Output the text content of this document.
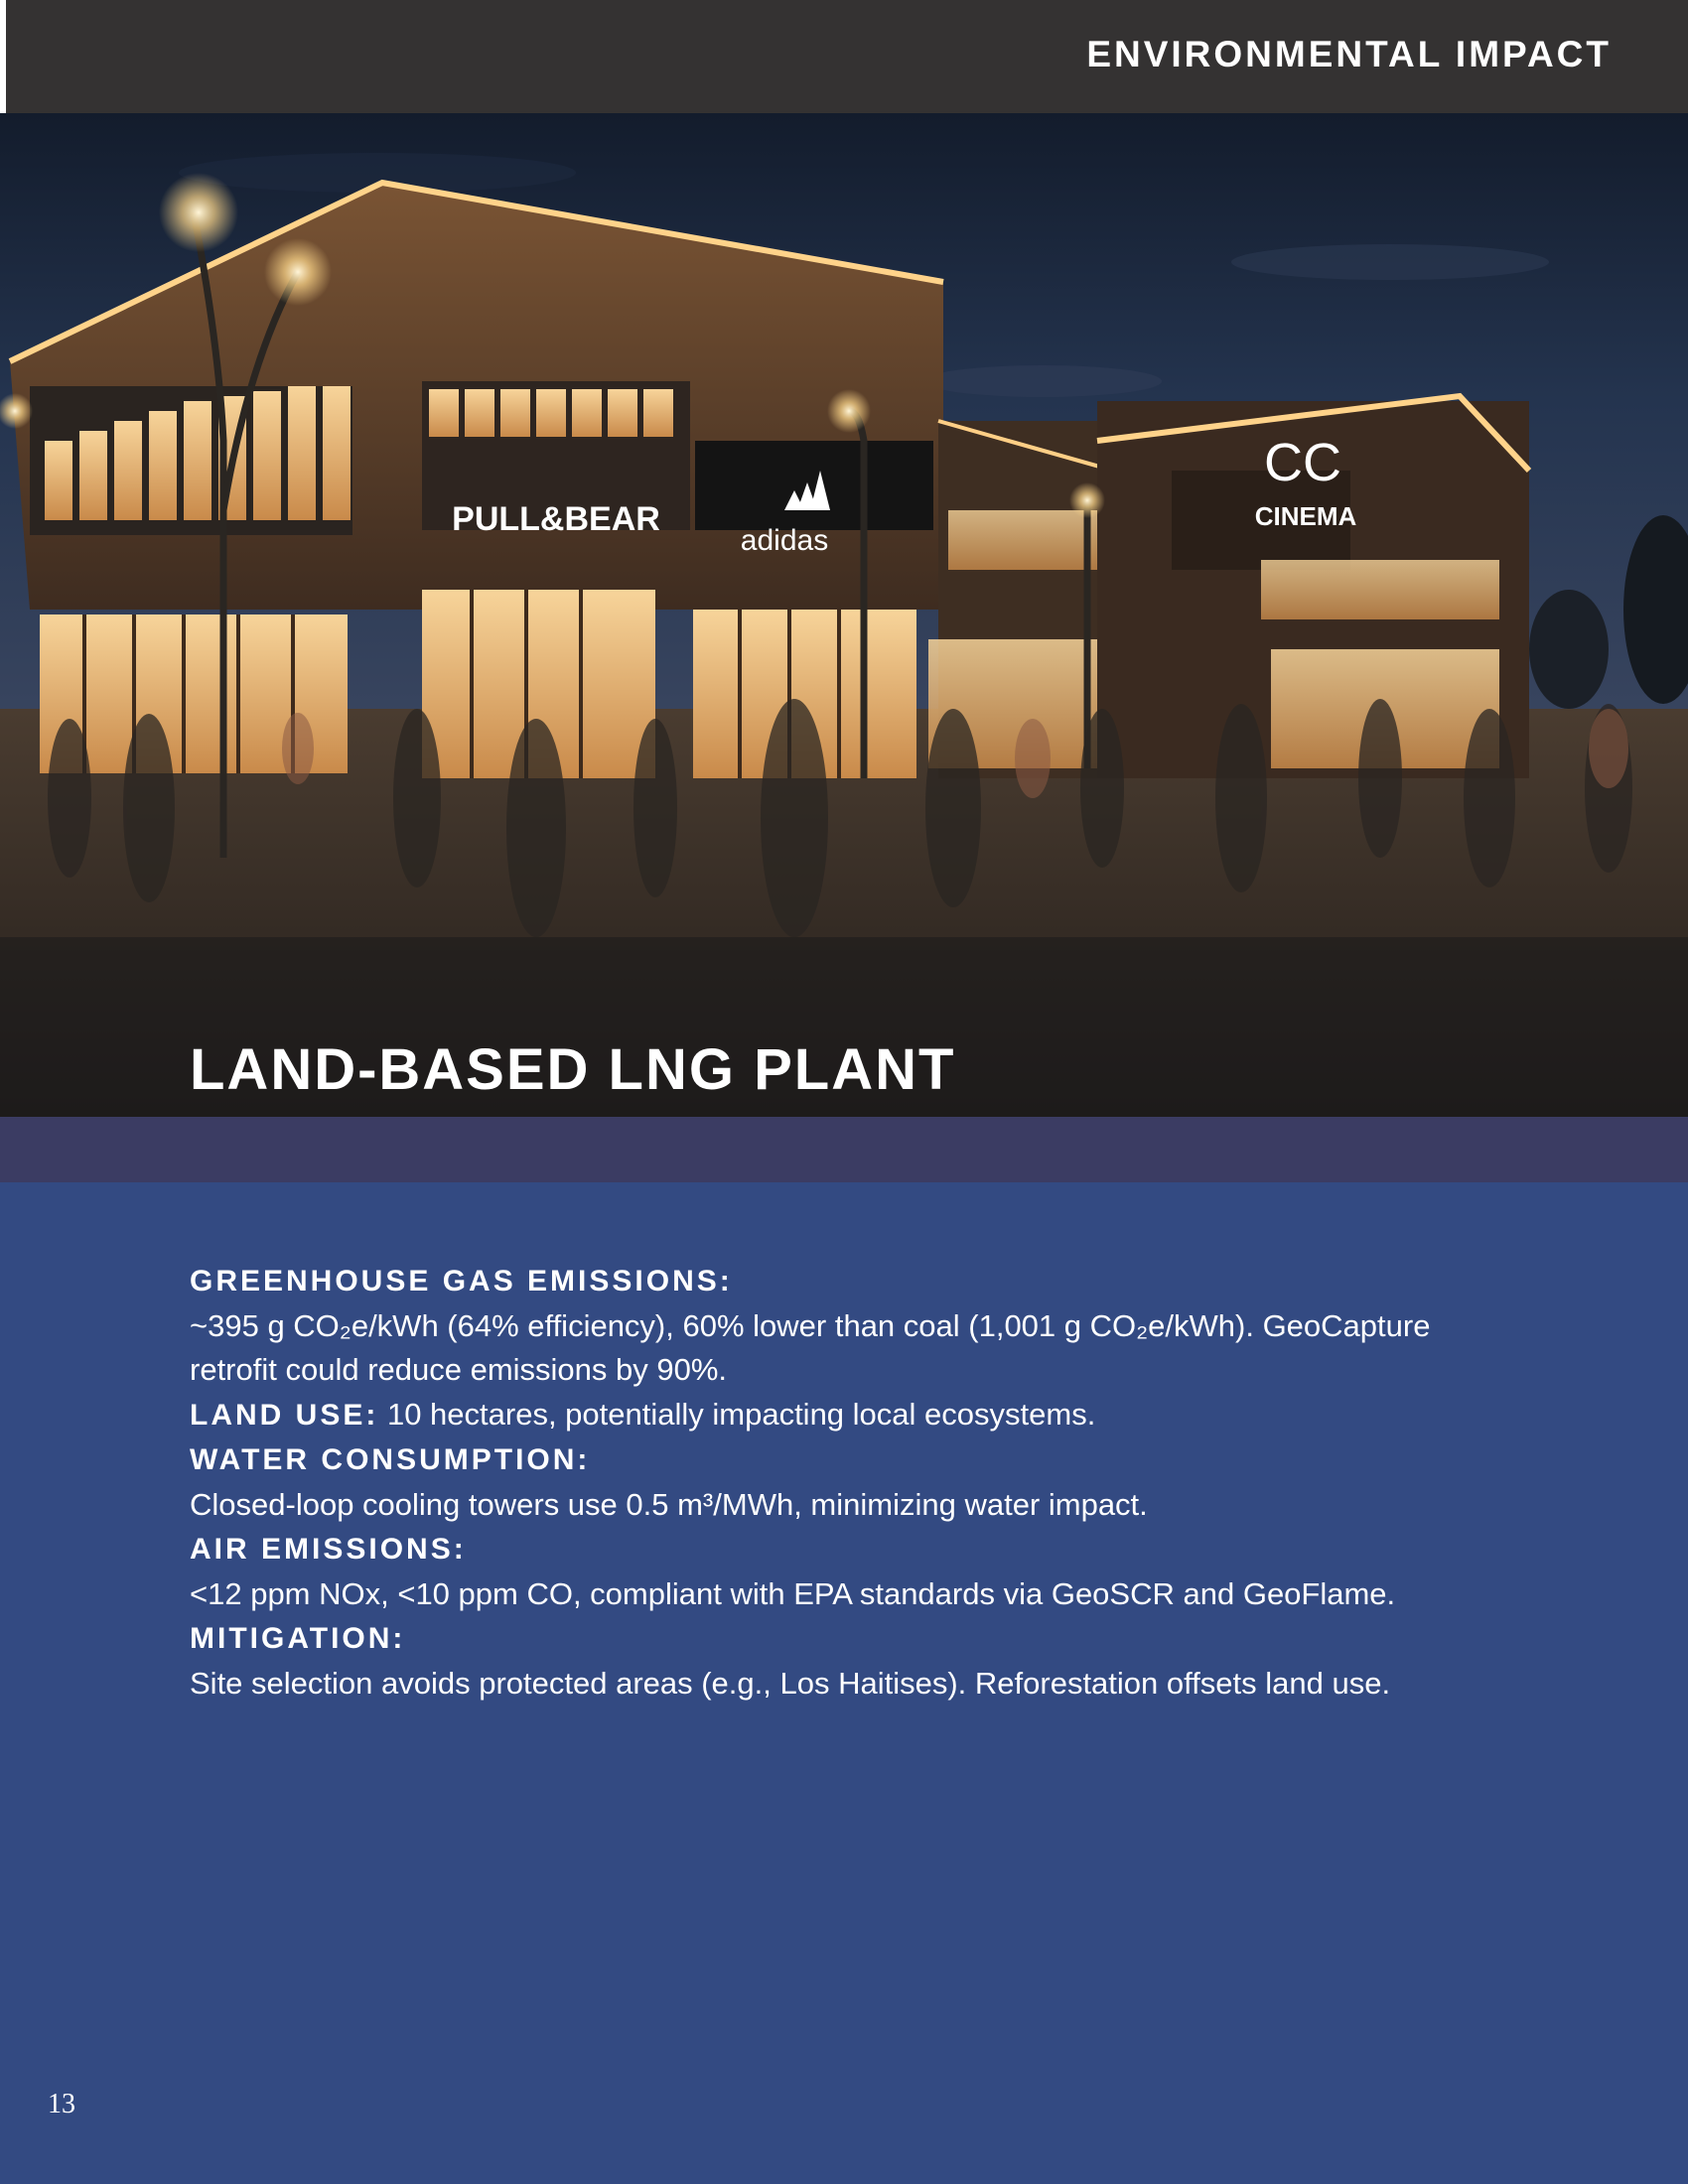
ENVIRONMENTAL IMPACT
PULL&BEAR
adidas
CC
CINEMA
LAND-BASED LNG PLANT

GREENHOUSE GAS EMISSIONS:

~395 g CO₂e/kWh (64% efficiency), 60% lower than coal (1,001 g CO₂e/kWh). GeoCapture

retrofit could reduce emissions by 90%.

LAND USE: 10 hectares, potentially impacting local ecosystems.

WATER CONSUMPTION:

Closed-loop cooling towers use 0.5 m³/MWh, minimizing water impact.

AIR EMISSIONS:

<12 ppm NOx, <10 ppm CO, compliant with EPA standards via GeoSCR and GeoFlame.

MITIGATION:

Site selection avoids protected areas (e.g., Los Haitises). Reforestation offsets land use.

13
